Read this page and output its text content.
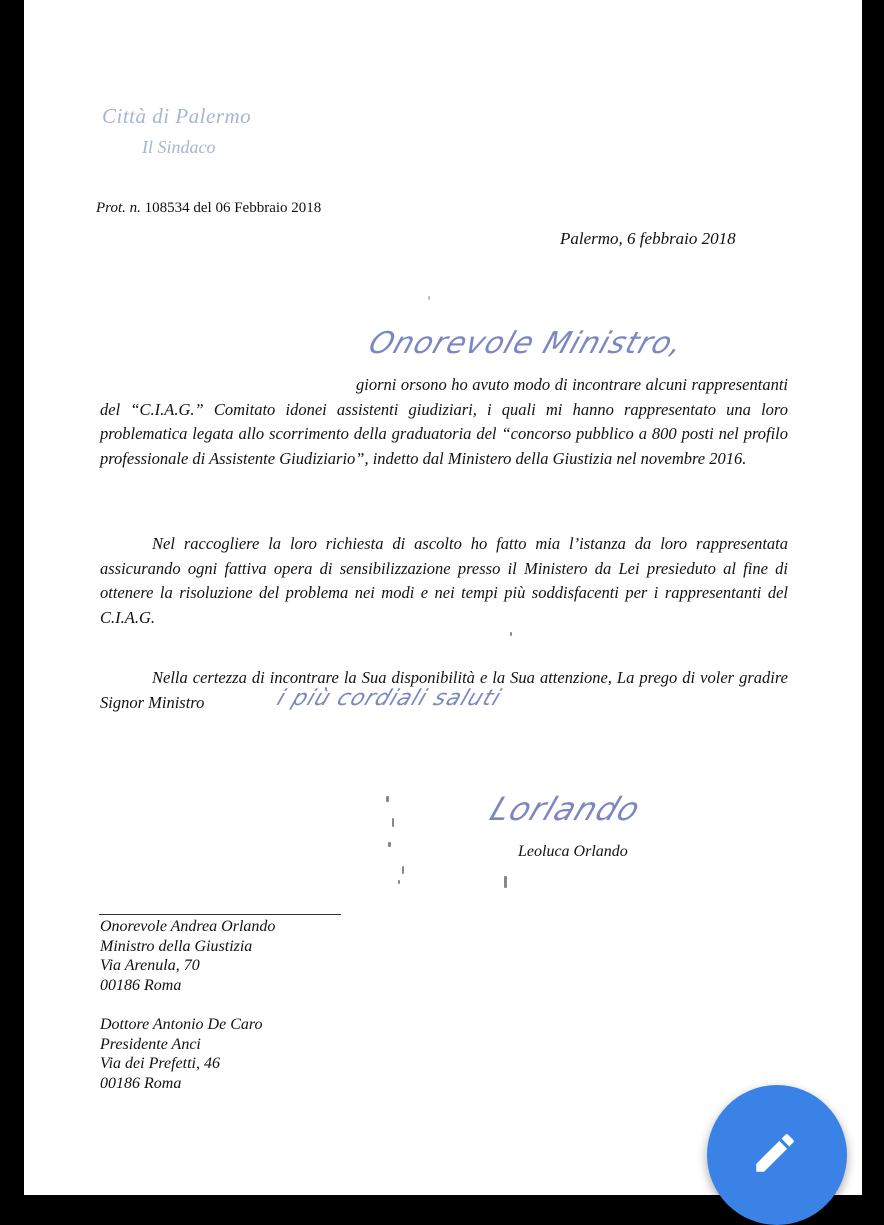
Città di Palermo
Il Sindaco
Prot. n. 108534 del 06 Febbraio 2018
Palermo, 6 febbraio 2018
Onorevole Ministro,
giorni orsono ho avuto modo di incontrare alcuni rappresentanti del “C.I.A.G.” Comitato idonei assistenti giudiziari, i quali mi hanno rappresentato una loro problematica legata allo scorrimento della graduatoria del “concorso pubblico a 800 posti nel profilo professionale di Assistente Giudiziario”, indetto dal Ministero della Giustizia nel novembre 2016.
Nel raccogliere la loro richiesta di ascolto ho fatto mia l’istanza da loro rappresentata assicurando ogni fattiva opera di sensibilizzazione presso il Ministero da Lei presieduto al fine di ottenere la risoluzione del problema nei modi e nei tempi più soddisfacenti per i rappresentanti del C.I.A.G.
Nella certezza di incontrare la Sua disponibilità e la Sua attenzione, La prego di voler gradire Signor Ministro	i più cordiali saluti
Lorlando
Leoluca Orlando
Onorevole Andrea Orlando
Ministro della Giustizia
Via Arenula, 70
00186 Roma
Dottore Antonio De Caro
Presidente Anci
Via dei Prefetti, 46
00186 Roma
